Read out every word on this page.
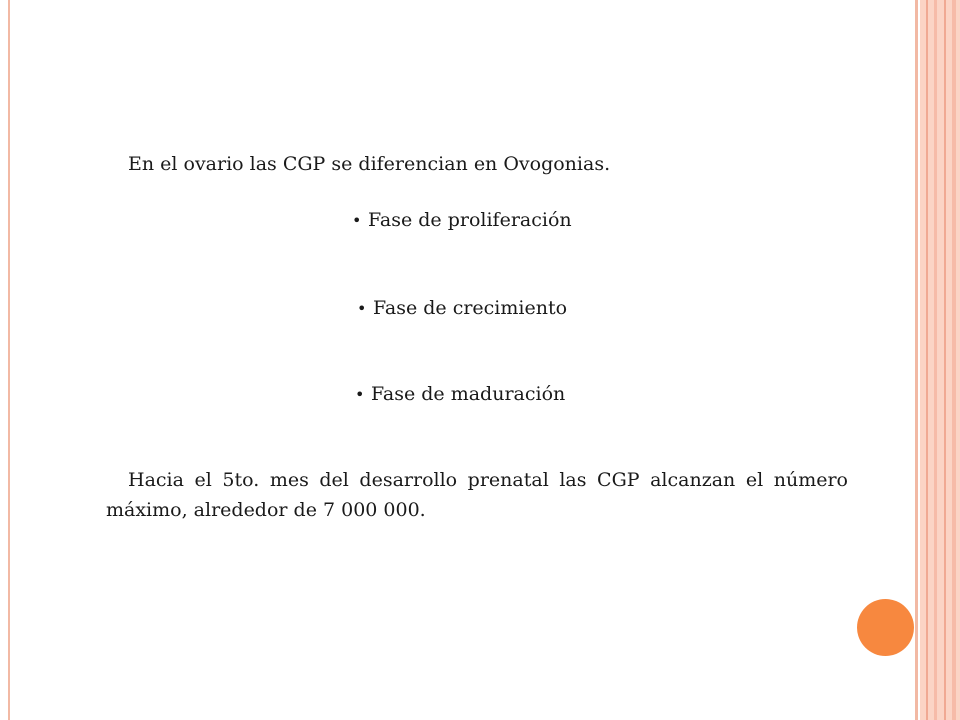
En el ovario las CGP se diferencian en Ovogonias.
• Fase de proliferación
• Fase de crecimiento
• Fase de maduración
Hacia el 5to. mes del desarrollo prenatal las CGP alcanzan el número máximo, alrededor de 7 000 000.
